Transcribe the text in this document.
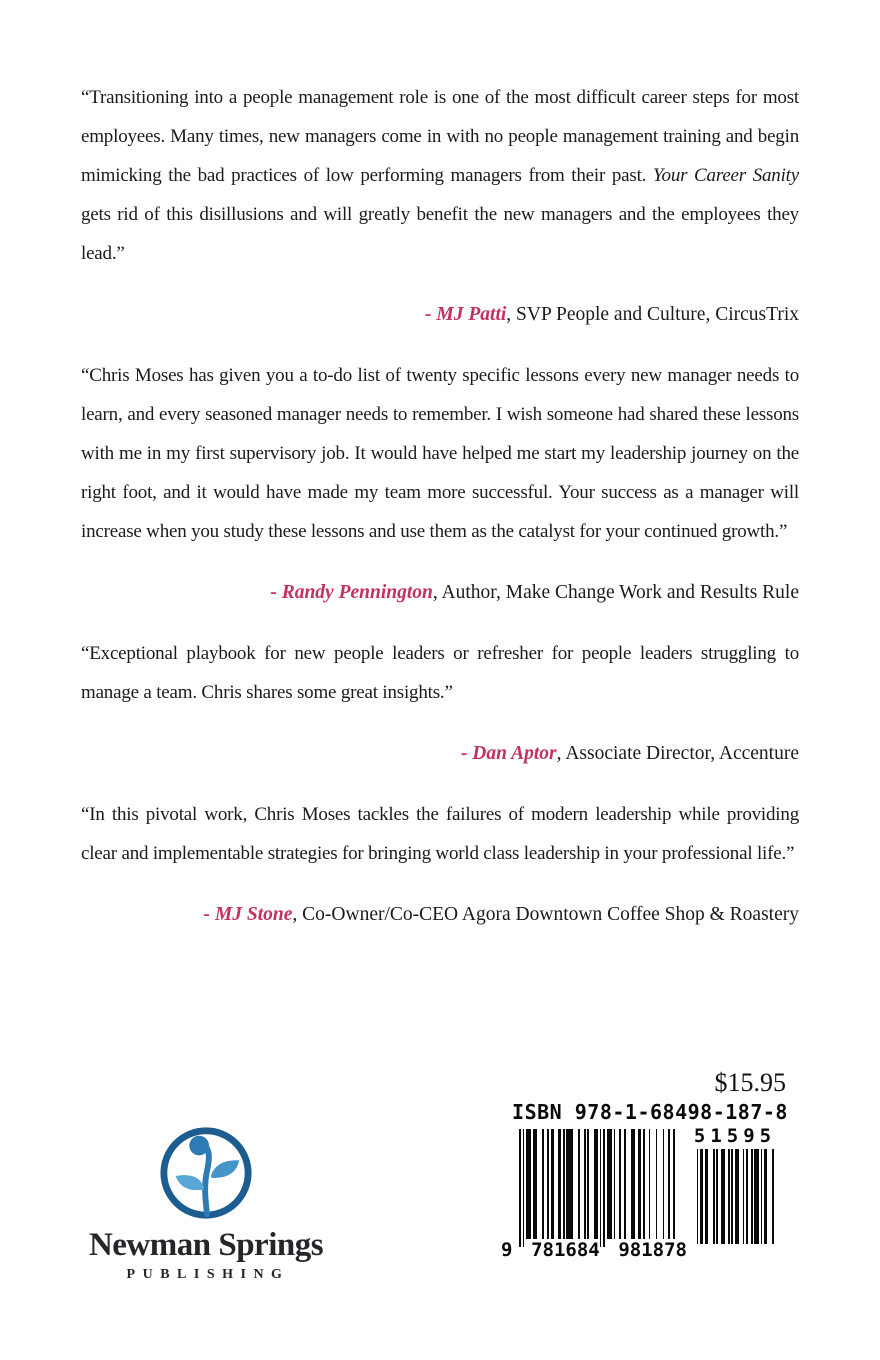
“Transitioning into a people management role is one of the most difficult career steps for most employees. Many times, new managers come in with no people management training and begin mimicking the bad practices of low performing managers from their past. Your Career Sanity gets rid of this disillusions and will greatly benefit the new managers and the employees they lead.”

- MJ Patti, SVP People and Culture, CircusTrix

“Chris Moses has given you a to-do list of twenty specific lessons every new manager needs to learn, and every seasoned manager needs to remember. I wish someone had shared these lessons with me in my first supervisory job. It would have helped me start my leadership journey on the right foot, and it would have made my team more successful. Your success as a manager will increase when you study these lessons and use them as the catalyst for your continued growth.”

- Randy Pennington, Author, Make Change Work and Results Rule

“Exceptional playbook for new people leaders or refresher for people leaders struggling to manage a team. Chris shares some great insights.”

- Dan Aptor, Associate Director, Accenture

“In this pivotal work, Chris Moses tackles the failures of modern leadership while providing clear and implementable strategies for bringing world class leadership in your professional life.”

- MJ Stone, Co-Owner/Co-CEO Agora Downtown Coffee Shop & Roastery

Newman Springs
PUBLISHING
$15.95
ISBN 978-1-68498-187-8
9 781684 981878
51595
